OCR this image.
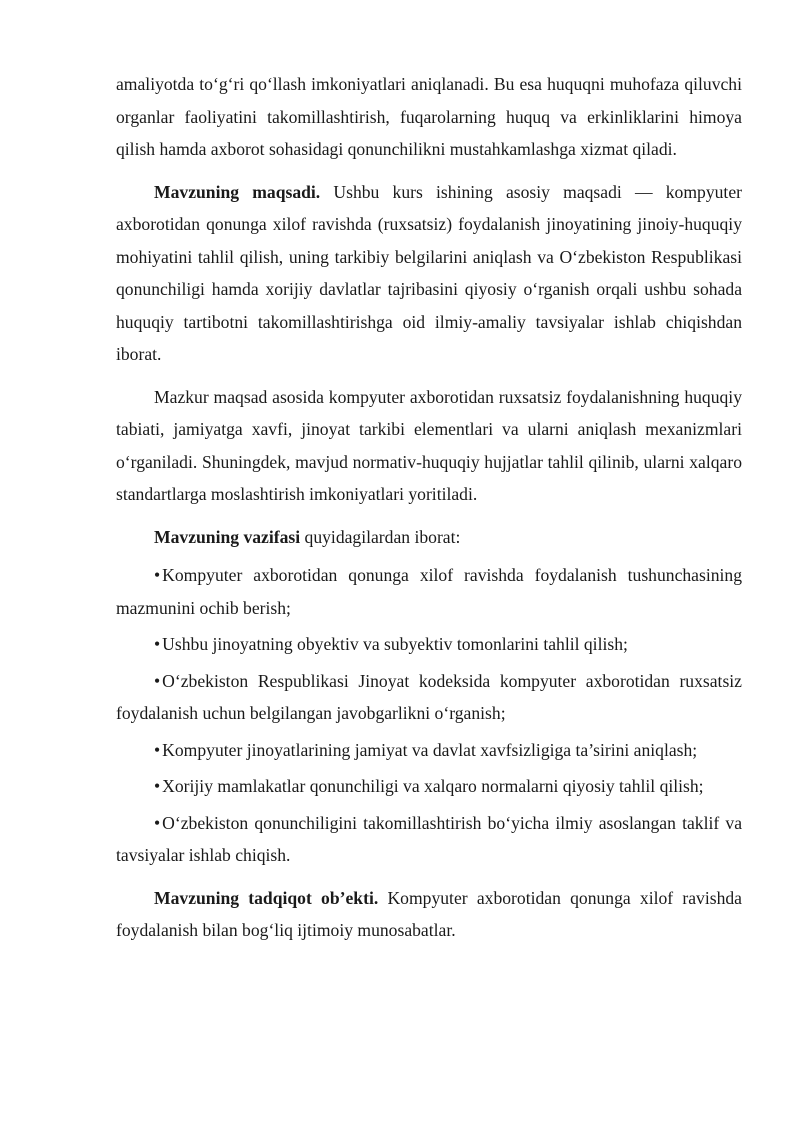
amaliyotda to‘g‘ri qo‘llash imkoniyatlari aniqlanadi. Bu esa huquqni muhofaza qiluvchi organlar faoliyatini takomillashtirish, fuqarolarning huquq va erkinliklarini himoya qilish hamda axborot sohasidagi qonunchilikni mustahkamlashga xizmat qiladi.

Mavzuning maqsadi. Ushbu kurs ishining asosiy maqsadi — kompyuter axborotidan qonunga xilof ravishda (ruxsatsiz) foydalanish jinoyatining jinoiy-huquqiy mohiyatini tahlil qilish, uning tarkibiy belgilarini aniqlash va O‘zbekiston Respublikasi qonunchiligi hamda xorijiy davlatlar tajribasini qiyosiy o‘rganish orqali ushbu sohada huquqiy tartibotni takomillashtirishga oid ilmiy-amaliy tavsiyalar ishlab chiqishdan iborat.

Mazkur maqsad asosida kompyuter axborotidan ruxsatsiz foydalanishning huquqiy tabiati, jamiyatga xavfi, jinoyat tarkibi elementlari va ularni aniqlash mexanizmlari o‘rganiladi. Shuningdek, mavjud normativ-huquqiy hujjatlar tahlil qilinib, ularni xalqaro standartlarga moslashtirish imkoniyatlari yoritiladi.

Mavzuning vazifasi quyidagilardan iborat:

• Kompyuter axborotidan qonunga xilof ravishda foydalanish tushunchasining mazmunini ochib berish;

• Ushbu jinoyatning obyektiv va subyektiv tomonlarini tahlil qilish;

• O‘zbekiston Respublikasi Jinoyat kodeksida kompyuter axborotidan ruxsatsiz foydalanish uchun belgilangan javobgarlikni o‘rganish;

• Kompyuter jinoyatlarining jamiyat va davlat xavfsizligiga ta’sirini aniqlash;

• Xorijiy mamlakatlar qonunchiligi va xalqaro normalarni qiyosiy tahlil qilish;

• O‘zbekiston qonunchiligini takomillashtirish bo‘yicha ilmiy asoslangan taklif va tavsiyalar ishlab chiqish.

Mavzuning tadqiqot ob’ekti. Kompyuter axborotidan qonunga xilof ravishda foydalanish bilan bog‘liq ijtimoiy munosabatlar.
